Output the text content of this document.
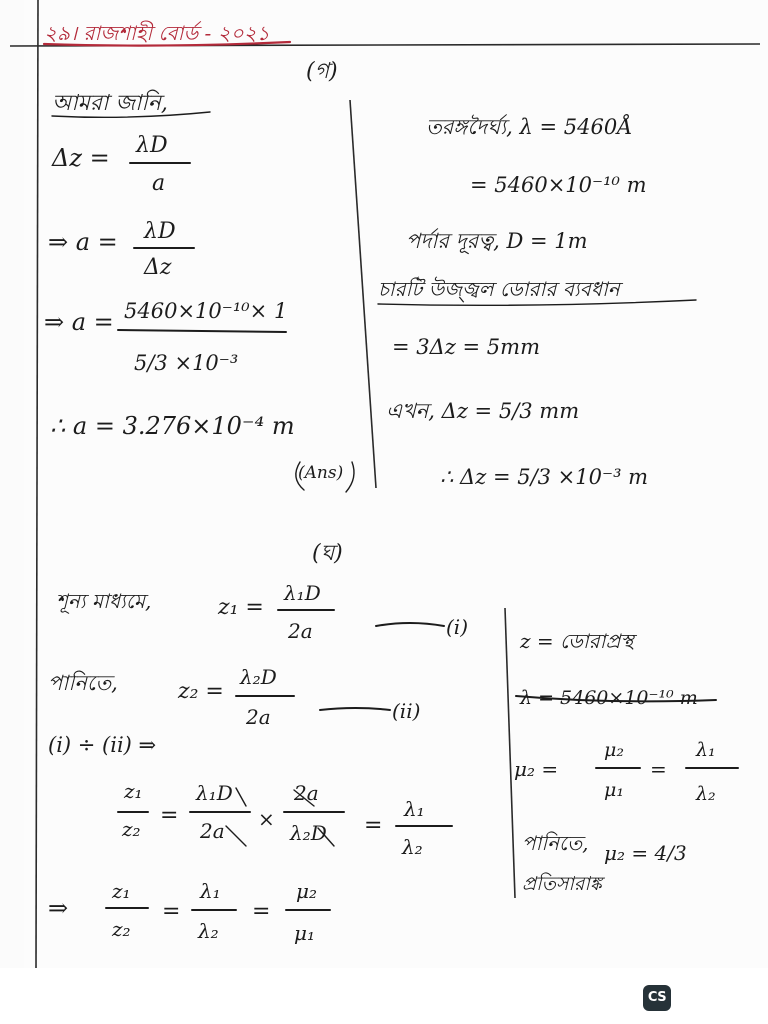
২৯। রাজশাহী বোর্ড - ২০২১
(গ)
আমরা জানি,
Δz = λD
a
⇒ a = λD
Δz
⇒ a = 5460×10⁻¹⁰× 1
5/3 ×10⁻³
∴ a = 3.276×10⁻⁴ m
(Ans)
তরঙ্গদৈর্ঘ্য, λ = 5460Å
= 5460×10⁻¹⁰ m
পর্দার দূরত্ব, D = 1m
চারটি উজ্জ্বল ডোরার ব্যবধান
= 3Δz = 5mm
এখন, Δz = 5/3 mm
∴ Δz = 5/3 ×10⁻³ m
(ঘ)
শূন্য মাধ্যমে,	z₁ =
λ₁D
2a	(i)
পানিতে,	z₂ =
λ₂D
2a	(ii)
(i) ÷ (ii) ⇒
z₁
z₂
=
λ₁D
2a ×
2a
λ₂D =
λ₁
λ₂
⇒
z₁
z₂
=
λ₁
λ₂
=
μ₂
μ₁
z = ডোরাপ্রস্থ
λ = 5460×10⁻¹⁰ m
μ₂ =
μ₂
μ₁
=
λ₁
λ₂
পানিতে, μ₂ = 4/3
প্রতিসারাঙ্ক
CS
